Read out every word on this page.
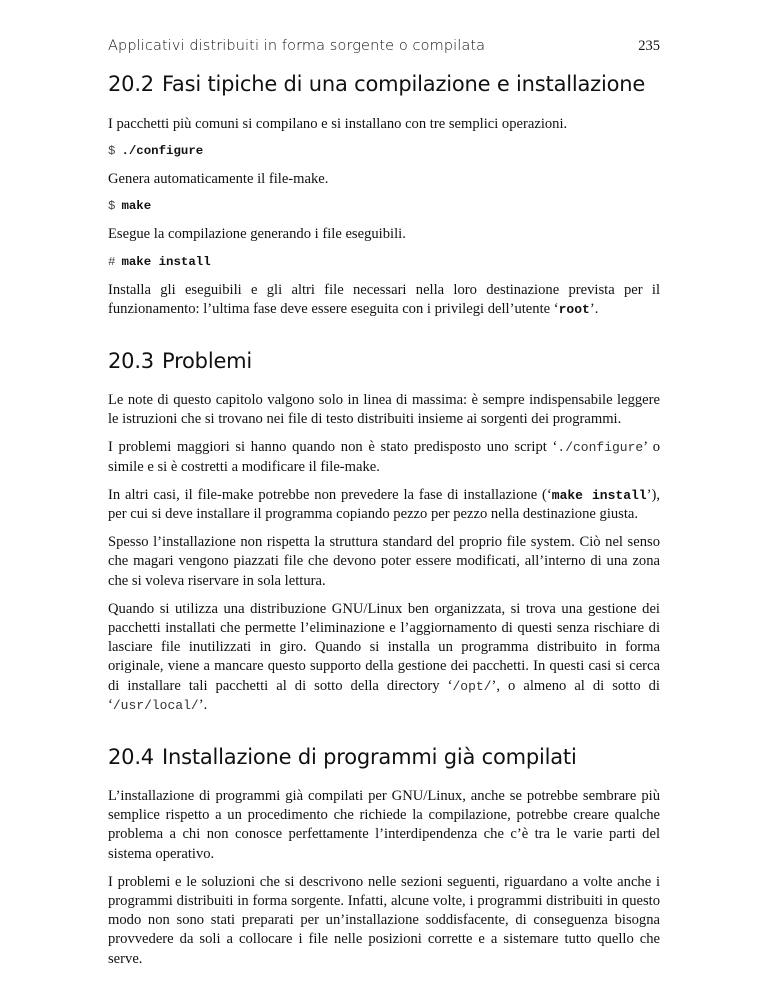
Applicativi distribuiti in forma sorgente o compilata	235
20.2 Fasi tipiche di una compilazione e installazione

I pacchetti più comuni si compilano e si installano con tre semplici operazioni.

$ ./configure

Genera automaticamente il file-make.

$ make

Esegue la compilazione generando i file eseguibili.

# make install

Installa gli eseguibili e gli altri file necessari nella loro destinazione prevista per il funzionamento: l’ultima fase deve essere eseguita con i privilegi dell’utente ‘root’.

20.3 Problemi

Le note di questo capitolo valgono solo in linea di massima: è sempre indispensabile leggere le istruzioni che si trovano nei file di testo distribuiti insieme ai sorgenti dei programmi.

I problemi maggiori si hanno quando non è stato predisposto uno script ‘./configure’ o simile e si è costretti a modificare il file-make.

In altri casi, il file-make potrebbe non prevedere la fase di installazione (‘make install’), per cui si deve installare il programma copiando pezzo per pezzo nella destinazione giusta.

Spesso l’installazione non rispetta la struttura standard del proprio file system. Ciò nel senso che magari vengono piazzati file che devono poter essere modificati, all’interno di una zona che si voleva riservare in sola lettura.

Quando si utilizza una distribuzione GNU/Linux ben organizzata, si trova una gestione dei pacchetti installati che permette l’eliminazione e l’aggiornamento di questi senza rischiare di lasciare file inutilizzati in giro. Quando si installa un programma distribuito in forma originale, viene a mancare questo supporto della gestione dei pacchetti. In questi casi si cerca di installare tali pacchetti al di sotto della directory ‘/opt/’, o almeno al di sotto di ‘/usr/local/’.

20.4 Installazione di programmi già compilati

L’installazione di programmi già compilati per GNU/Linux, anche se potrebbe sembrare più semplice rispetto a un procedimento che richiede la compilazione, potrebbe creare qualche problema a chi non conosce perfettamente l’interdipendenza che c’è tra le varie parti del sistema operativo.

I problemi e le soluzioni che si descrivono nelle sezioni seguenti, riguardano a volte anche i programmi distribuiti in forma sorgente. Infatti, alcune volte, i programmi distribuiti in questo modo non sono stati preparati per un’installazione soddisfacente, di conseguenza bisogna provvedere da soli a collocare i file nelle posizioni corrette e a sistemare tutto quello che serve.
